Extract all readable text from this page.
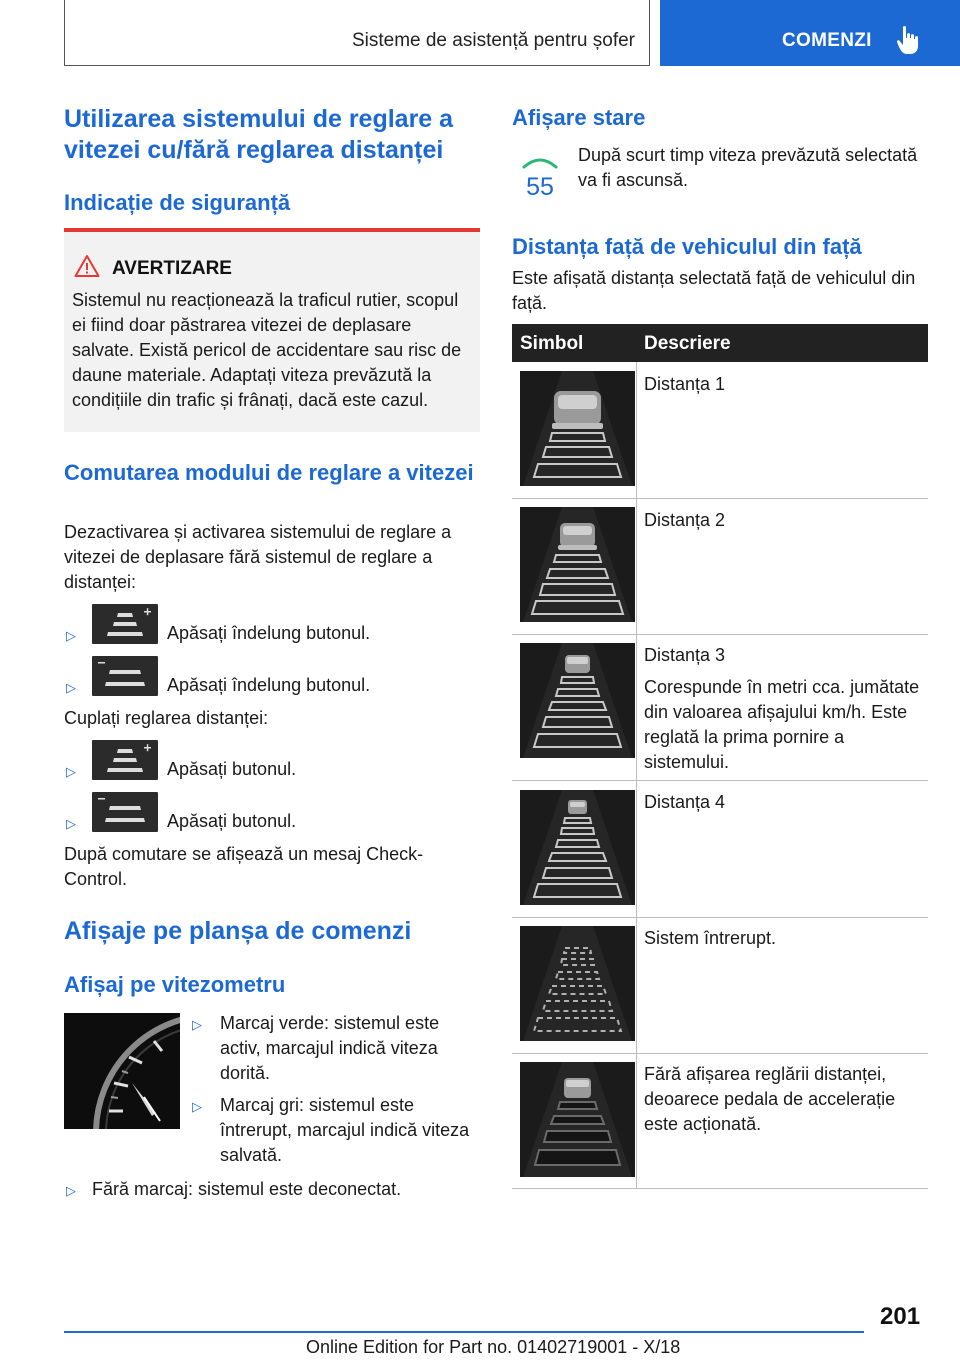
Sisteme de asistență pentru șofer	COMENZI
Utilizarea sistemului de reglare a vitezei cu/fără reglarea distanței
Indicație de siguranță
AVERTIZARE
Sistemul nu reacționează la traficul rutier, scopul ei fiind doar păstrarea vitezei de deplasare salvate. Există pericol de accidentare sau risc de daune materiale. Adaptați viteza prevăzută la condițiile din trafic și frânați, dacă este cazul.
Comutarea modului de reglare a vitezei
Dezactivarea și activarea sistemului de reglare a vitezei de deplasare fără sistemul de reglare a distanței:
▷	Apăsați îndelung butonul.
▷	Apăsați îndelung butonul.
Cuplați reglarea distanței:
▷	Apăsați butonul.
▷	Apăsați butonul.
După comutare se afișează un mesaj Check-Control.
Afișaje pe planșa de comenzi
Afișaj pe vitezometru
▷ Marcaj verde: sistemul este activ, marcajul indică viteza dorită.
▷ Marcaj gri: sistemul este întrerupt, marcajul indică viteza salvată.
▷ Fără marcaj: sistemul este deconectat.
Afișare stare
55
După scurt timp viteza prevăzută selectată va fi ascunsă.
Distanța față de vehiculul din față
Este afișată distanța selectată față de vehiculul din față.
Simbol	Descriere
Distanța 1
Distanța 2
Distanța 3
Corespunde în metri cca. jumătate din valoarea afișajului km/h. Este reglată la prima pornire a sistemului.
Distanța 4
Sistem întrerupt.
Fără afișarea reglării distanței, deoarece pedala de accelerație este acționată.
201
Online Edition for Part no. 01402719001 - X/18
